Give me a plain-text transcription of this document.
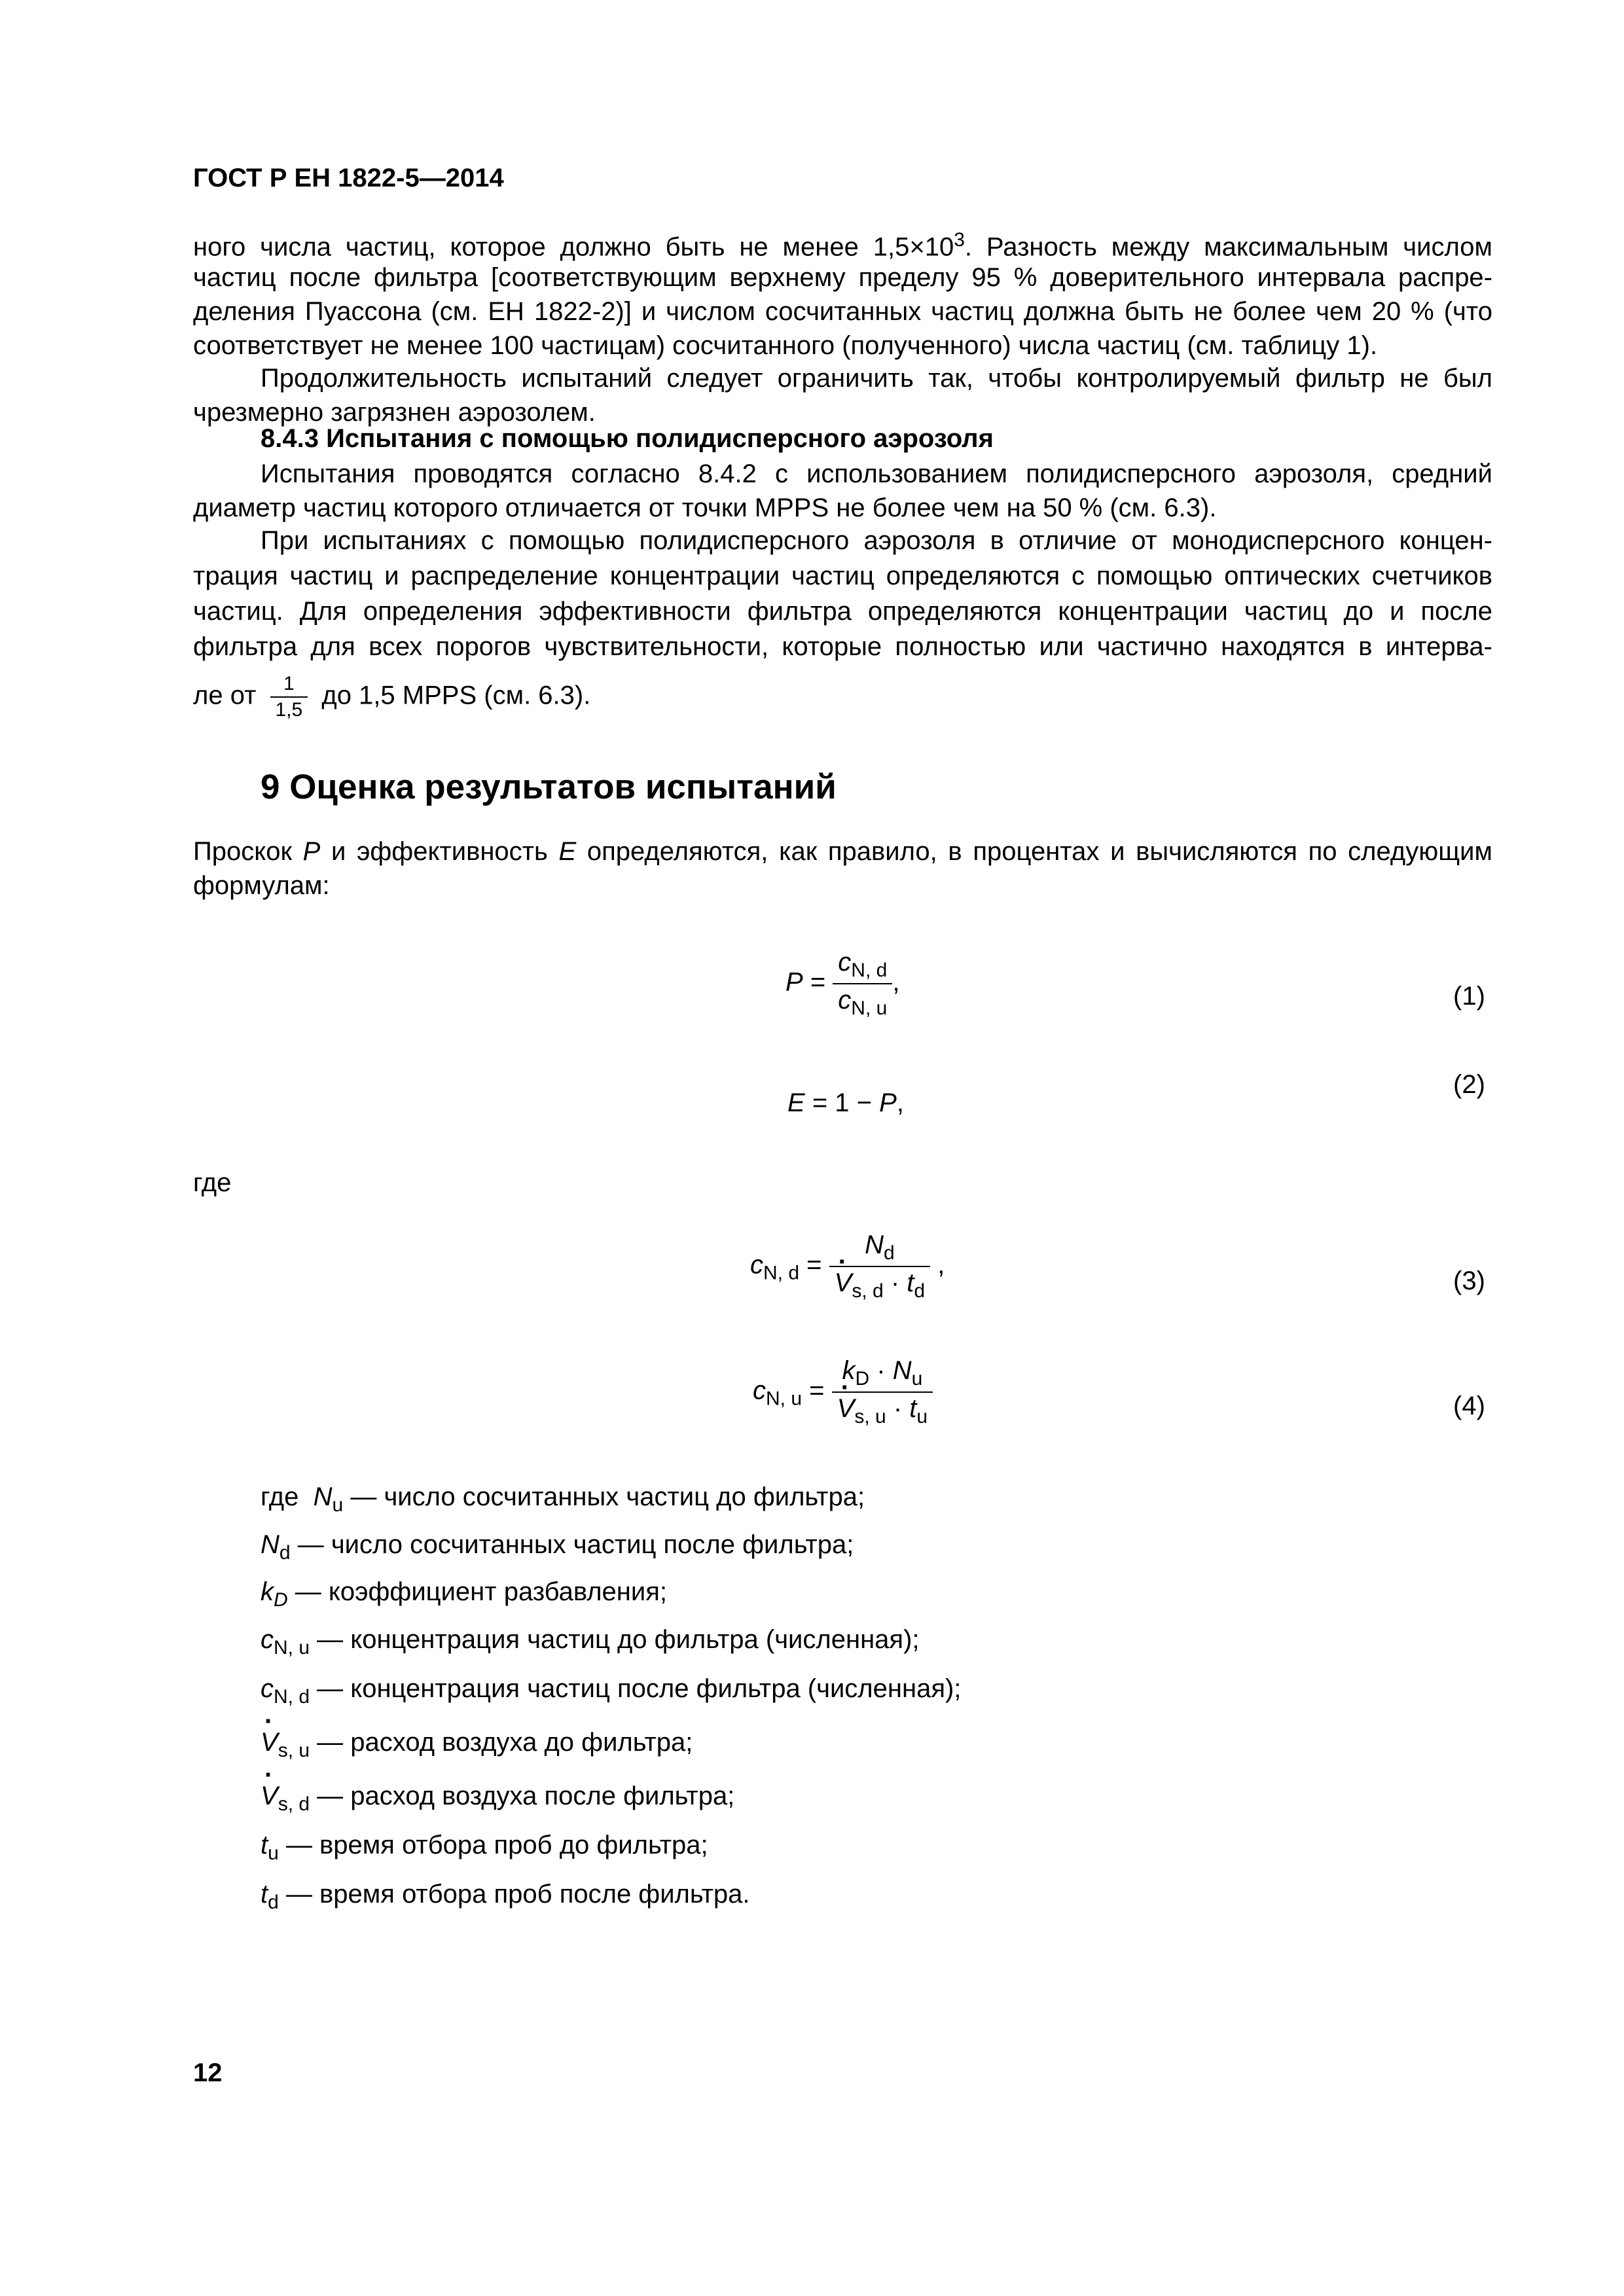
ГОСТ Р ЕН 1822-5—2014
ного числа частиц, которое должно быть не менее $1,5\times 10^3$. Разность между максимальным числом
частиц после фильтра [соответствующим верхнему пределу 95 % доверительного интервала распре-
деления Пуассона (см. ЕН 1822-2)] и числом сосчитанных частиц должна быть не более чем 20 % (что
соответствует не менее 100 частицам) сосчитанного (полученного) числа частиц (см. таблицу 1).

Продолжительность испытаний следует ограничить так, чтобы контролируемый фильтр не был чрезмерно загрязнен аэрозолем.

8.4.3 Испытания с помощью полидисперсного аэрозоля

Испытания проводятся согласно 8.4.2 с использованием полидисперсного аэрозоля, средний диаметр частиц которого отличается от точки MPPS не более чем на 50 % (см. 6.3).

При испытаниях с помощью полидисперсного аэрозоля в отличие от монодисперсного концен-
трация частиц и распределение концентрации частиц определяются с помощью оптических счетчиков
частиц. Для определения эффективности фильтра определяются концентрации частиц до и после
фильтра для всех порогов чувствительности, которые полностью или частично находятся в интерва-
ле от $\frac{1}{1,5}$ до 1,5 MPPS (см. 6.3).
9 Оценка результатов испытаний

Проскок P и эффективность E определяются, как правило, в процентах и вычисляются по следующим формулам:

$P = \frac{c_{N, d}}{c_{N, u}}$ ,	(1)
E = 1 − P,
(2)
где
$c_{N, d} = N_d$
· $V_{s, d} \cdot t_d$ ,
(3)
$c_{N, u} = k_D \cdot N_u$
· $V_{s, u} \cdot t_u$	(4)
где $N_u$ — число сосчитанных частиц до фильтра;
$N_d$ — число сосчитанных частиц после фильтра;
$k_D$ — коэффициент разбавления;
$c_{N, u}$ — концентрация частиц до фильтра (численная);
$c_{N, d}$ — концентрация частиц после фильтра (численная);
· $V_{s, u}$ — расход воздуха до фильтра;
· $V_{s, d}$ — расход воздуха после фильтра;
$t_u$ — время отбора проб до фильтра;
$t_d$ — время отбора проб после фильтра.
12
